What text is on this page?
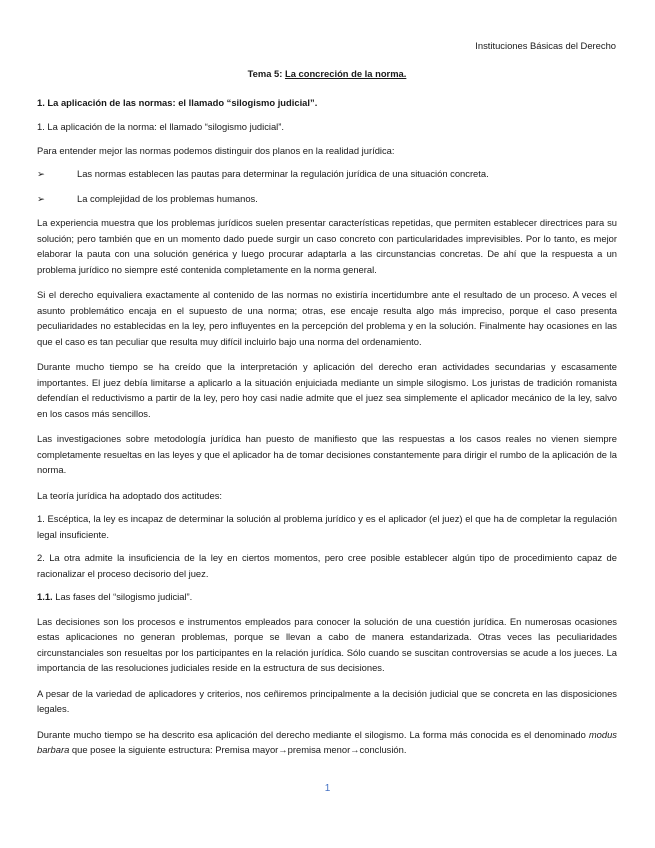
Instituciones Básicas del Derecho
Tema 5: La concreción de la norma.
1. La aplicación de las normas: el llamado “silogismo judicial”.

1. La aplicación de la norma: el llamado “silogismo judicial”.

Para entender mejor las normas podemos distinguir dos planos en la realidad jurídica:

➢	Las normas establecen las pautas para determinar la regulación jurídica de una situación concreta.
➢	La complejidad de los problemas humanos.

La experiencia muestra que los problemas jurídicos suelen presentar características repetidas, que permiten establecer directrices para su solución; pero también que en un momento dado puede surgir un caso concreto con particularidades imprevisibles. Por lo tanto, es mejor elaborar la pauta con una solución genérica y luego procurar adaptarla a las circunstancias concretas. De ahí que la respuesta a un problema jurídico no siempre esté contenida completamente en la norma general.

Si el derecho equivaliera exactamente al contenido de las normas no existiría incertidumbre ante el resultado de un proceso. A veces el asunto problemático encaja en el supuesto de una norma; otras, ese encaje resulta algo más impreciso, porque el caso presenta peculiaridades no establecidas en la ley, pero influyentes en la percepción del problema y en la solución. Finalmente hay ocasiones en las que el caso es tan peculiar que resulta muy difícil incluirlo bajo una norma del ordenamiento.

Durante mucho tiempo se ha creído que la interpretación y aplicación del derecho eran actividades secundarias y escasamente importantes. El juez debía limitarse a aplicarlo a la situación enjuiciada mediante un simple silogismo. Los juristas de tradición romanista defendían el reductivismo a partir de la ley, pero hoy casi nadie admite que el juez sea simplemente el aplicador mecánico de la ley, salvo en los casos más sencillos.

Las investigaciones sobre metodología jurídica han puesto de manifiesto que las respuestas a los casos reales no vienen siempre completamente resueltas en las leyes y que el aplicador ha de tomar decisiones constantemente para dirigir el rumbo de la aplicación de la norma.

La teoría jurídica ha adoptado dos actitudes:

1. Escéptica, la ley es incapaz de determinar la solución al problema jurídico y es el aplicador (el juez) el que ha de completar la regulación legal insuficiente.

2. La otra admite la insuficiencia de la ley en ciertos momentos, pero cree posible establecer algún tipo de procedimiento capaz de racionalizar el proceso decisorio del juez.

1.1. Las fases del “silogismo judicial”.

Las decisiones son los procesos e instrumentos empleados para conocer la solución de una cuestión jurídica. En numerosas ocasiones estas aplicaciones no generan problemas, porque se llevan a cabo de manera estandarizada. Otras veces las peculiaridades circunstanciales son resueltas por los participantes en la relación jurídica. Sólo cuando se suscitan controversias se acude a los jueces. La importancia de las resoluciones judiciales reside en la estructura de sus decisiones.

A pesar de la variedad de aplicadores y criterios, nos ceñiremos principalmente a la decisión judicial que se concreta en las disposiciones legales.

Durante mucho tiempo se ha descrito esa aplicación del derecho mediante el silogismo. La forma más conocida es el denominado modus barbara que posee la siguiente estructura: Premisa mayor→premisa menor→conclusión.

1
